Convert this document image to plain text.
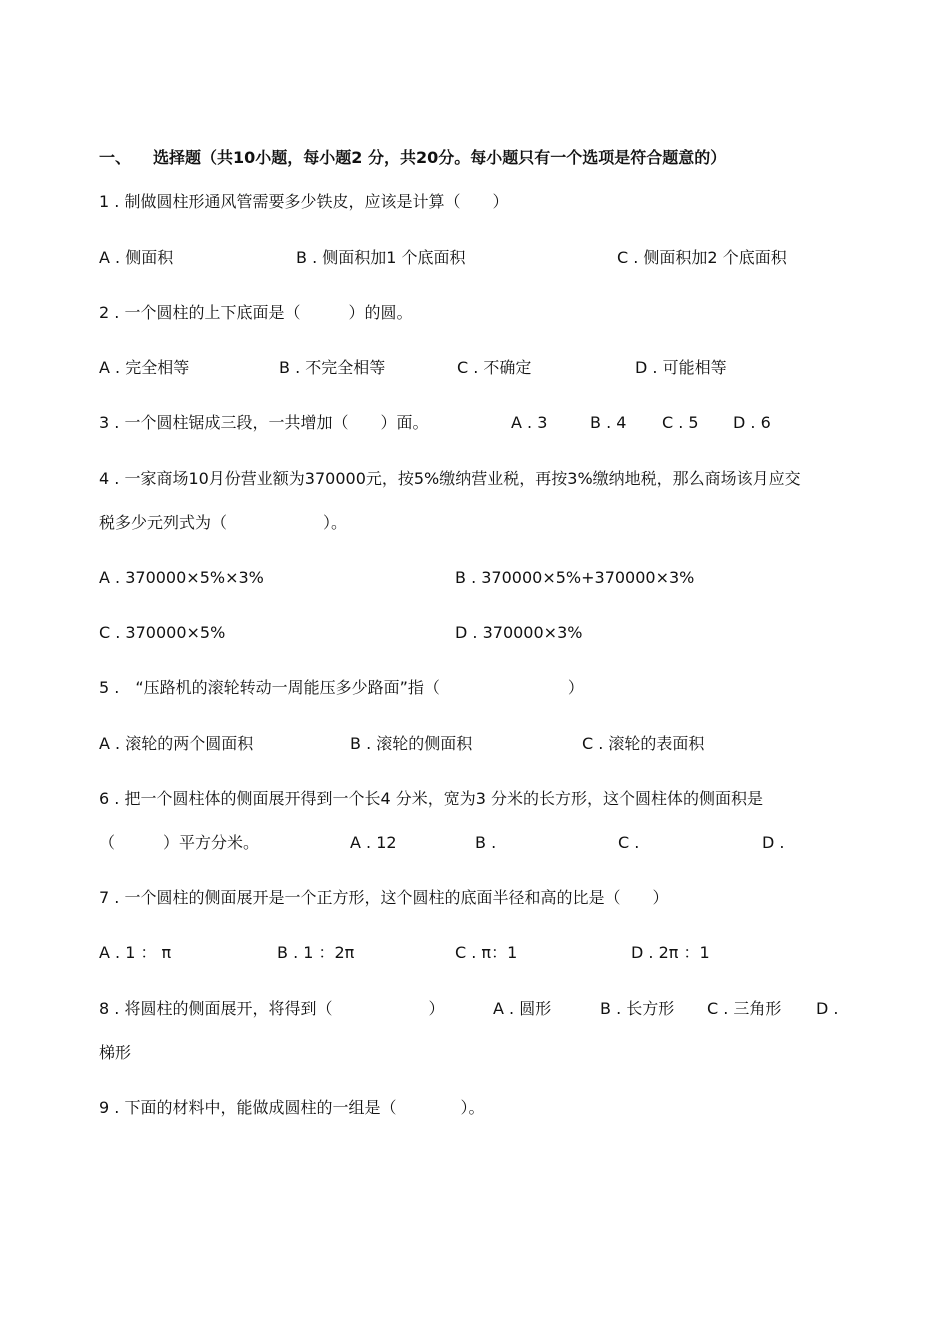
一、 选择题（共10小题，每小题2 分，共20分。每小题只有一个选项是符合题意的）
1 . 制做圆柱形通风管需要多少铁皮，应该是计算（　　）
A . 侧面积	B . 侧面积加1 个底面积	C . 侧面积加2 个底面积
2 . 一个圆柱的上下底面是（　　　）的圆。
A . 完全相等	B . 不完全相等	C . 不确定	D . 可能相等
3 . 一个圆柱锯成三段，一共增加（　　）面。	A . 3	B . 4 C . 5 D . 6
4 . 一家商场10月份营业额为370000元，按5%缴纳营业税，再按3%缴纳地税，那么商场该月应交
税多少元列式为（　　　　　　）。
A . 370000×5%×3%	B . 370000×5%+370000×3%
C . 370000×5%	D . 370000×3%
5 .　“压路机的滚轮转动一周能压多少路面”指（　　　　　　　　）
A . 滚轮的两个圆面积	B . 滚轮的侧面积	C . 滚轮的表面积
6 . 把一个圆柱体的侧面展开得到一个长4 分米，宽为3 分米的长方形，这个圆柱体的侧面积是
（　　　）平方分米。	A . 12	B .	C .	D .
7 . 一个圆柱的侧面展开是一个正方形，这个圆柱的底面半径和高的比是（　　）
A . 1 ： π	B . 1 ：2π	C . π：1	D . 2π ：1
8 . 将圆柱的侧面展开，将得到（　　　　　　）	A . 圆形	B . 长方形 C . 三角形 D .
梯形
9 . 下面的材料中，能做成圆柱的一组是（　　　　）。
